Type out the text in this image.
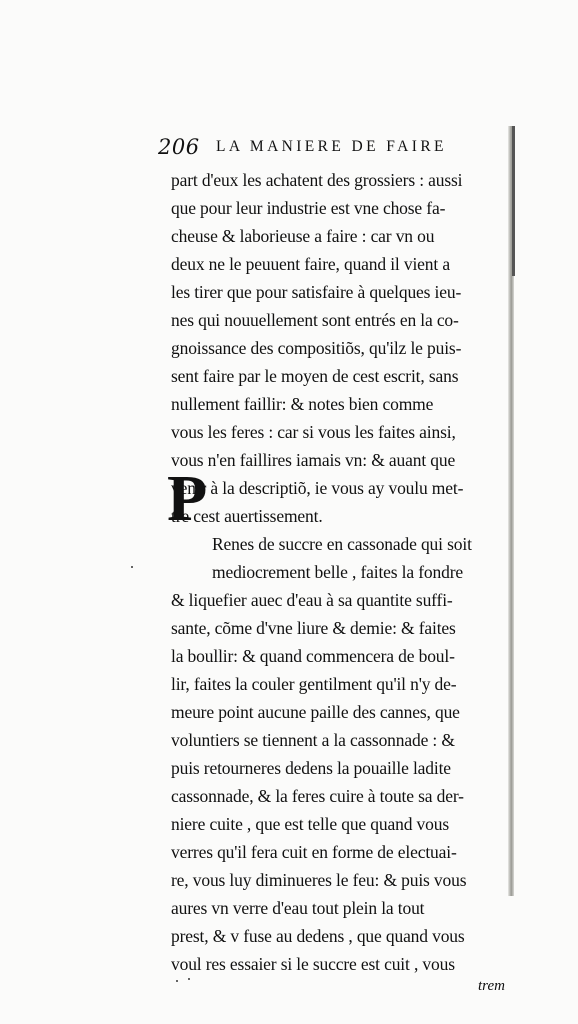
206 LA MANIERE DE FAIRE
part d'eux les achatent des grossiers : aussi
que pour leur industrie est vne chose fa-
cheuse & laborieuse a faire : car vn ou
deux ne le peuuent faire, quand il vient a
les tirer que pour satisfaire à quelques ieu-
nes qui nouuellement sont entrés en la co-
gnoissance des compositiõs, qu'ilz le puis-
sent faire par le moyen de cest escrit, sans
nullement faillir: & notes bien comme
vous les feres : car si vous les faites ainsi,
vous n'en faillires iamais vn: & auant que
venir à la descriptiõ, ie vous ay voulu met-
tre cest auertissement.
P
Renes de succre en cassonade qui soit
mediocrement belle , faites la fondre
& liquefier auec d'eau à sa quantite suffi-
sante, cõme d'vne liure & demie: & faites
la boullir: & quand commencera de boul-
lir, faites la couler gentilment qu'il n'y de-
meure point aucune paille des cannes, que
voluntiers se tiennent a la cassonnade : &
puis retourneres dedens la pouaille ladite
cassonnade, & la feres cuire à toute sa der-
niere cuite , que est telle que quand vous
verres qu'il fera cuit en forme de electuai-
re, vous luy diminueres le feu: & puis vous
aures vn verre d'eau tout plein la tout
prest, & v fuse au dedens , que quand vous
voul res essaier si le succre est cuit , vous
trem
